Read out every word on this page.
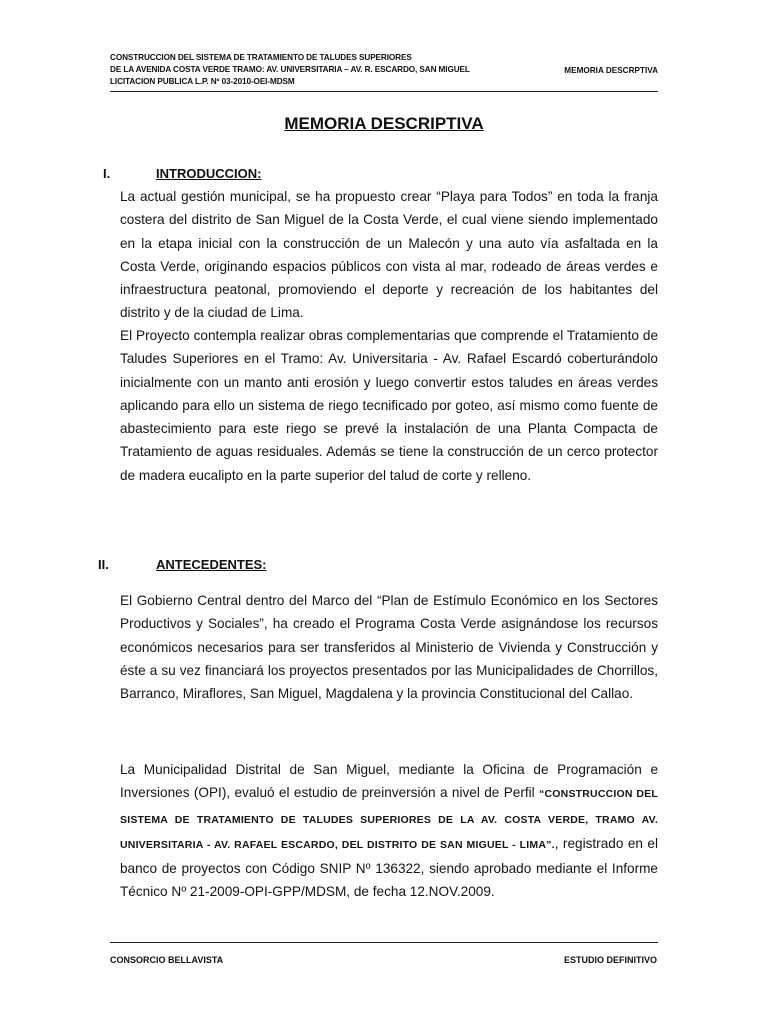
CONSTRUCCION DEL SISTEMA DE TRATAMIENTO DE TALUDES SUPERIORES
DE LA AVENIDA COSTA VERDE TRAMO: AV. UNIVERSITARIA – AV. R. ESCARDO, SAN MIGUEL
LICITACION PUBLICA L.P. Nº 03-2010-OEI-MDSM
MEMORIA DESCRPTIVA
MEMORIA DESCRIPTIVA
I.	INTRODUCCION:
La actual gestión municipal, se ha propuesto crear “Playa para Todos” en toda la franja costera del distrito de San Miguel de la Costa Verde, el cual viene siendo implementado en la etapa inicial con la construcción de un Malecón y una auto vía asfaltada en la Costa Verde, originando espacios públicos con vista al mar, rodeado de áreas verdes e infraestructura peatonal, promoviendo el deporte y recreación de los habitantes del distrito y de la ciudad de Lima.
El Proyecto contempla realizar obras complementarias que comprende el Tratamiento de Taludes Superiores en el Tramo: Av. Universitaria - Av. Rafael Escardó coberturándolo inicialmente con un manto anti erosión y luego convertir estos taludes en áreas verdes aplicando para ello un sistema de riego tecnificado por goteo, así mismo como fuente de abastecimiento para este riego se prevé la instalación de una Planta Compacta de Tratamiento de aguas residuales. Además se tiene la construcción de un cerco protector de madera eucalipto en la parte superior del talud de corte y relleno.
II.	ANTECEDENTES:
El Gobierno Central dentro del Marco del “Plan de Estímulo Económico en los Sectores Productivos y Sociales”, ha creado el Programa Costa Verde asignándose los recursos económicos necesarios para ser transferidos al Ministerio de Vivienda y Construcción y éste a su vez financiará los proyectos presentados por las Municipalidades de Chorrillos, Barranco, Miraflores, San Miguel, Magdalena y la provincia Constitucional del Callao.
La Municipalidad Distrital de San Miguel, mediante la Oficina de Programación e Inversiones (OPI), evaluó el estudio de preinversión a nivel de Perfil “CONSTRUCCION DEL SISTEMA DE TRATAMIENTO DE TALUDES SUPERIORES DE LA AV. COSTA VERDE, TRAMO AV. UNIVERSITARIA - AV. RAFAEL ESCARDO, DEL DISTRITO DE SAN MIGUEL - LIMA”., registrado en el banco de proyectos con Código SNIP Nº 136322, siendo aprobado mediante el Informe Técnico Nº 21-2009-OPI-GPP/MDSM, de fecha 12.NOV.2009.
CONSORCIO BELLAVISTA	ESTUDIO DEFINITIVO
